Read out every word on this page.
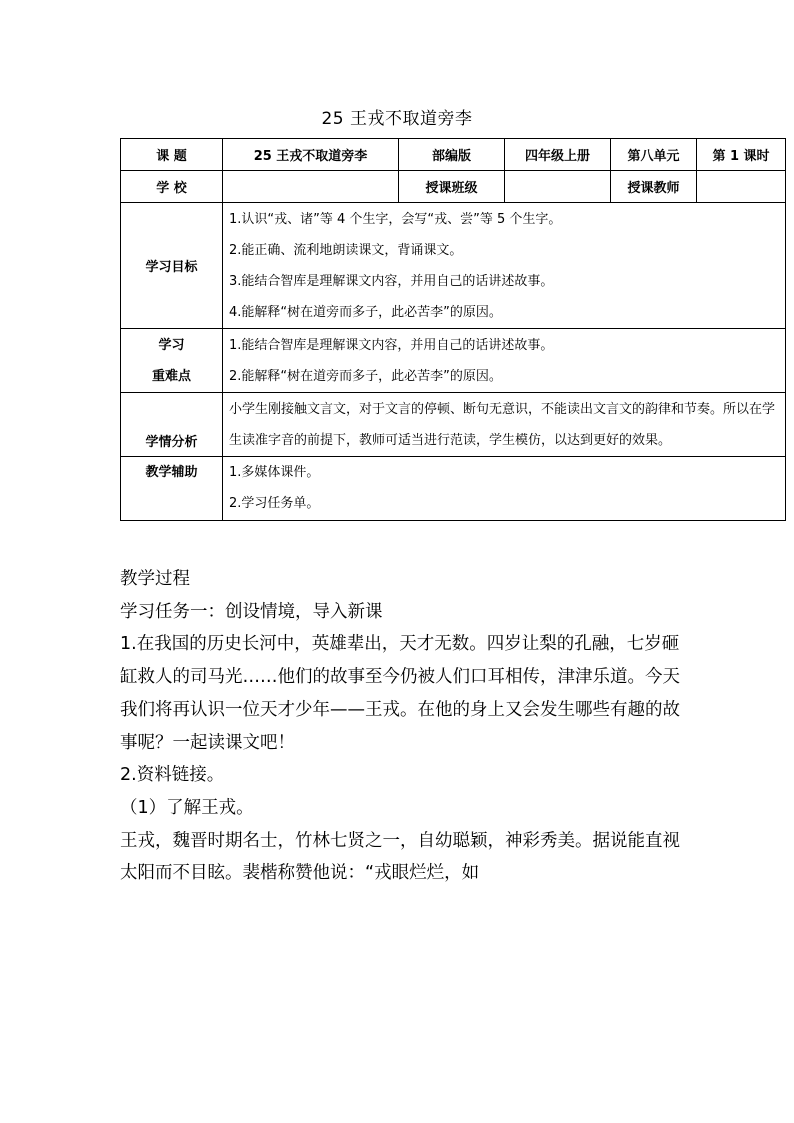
25 王戎不取道旁李
课 题	25 王戎不取道旁李	部编版	四年级上册	第八单元	第 1 课时
学 校		授课班级		授课教师	
学习目标	1.认识“戎、诸”等 4 个生字，会写“戎、尝”等 5 个生字。
2.能正确、流利地朗读课文，背诵课文。
3.能结合智库是理解课文内容，并用自己的话讲述故事。
4.能解释“树在道旁而多子，此必苦李”的原因。				

学习
重难点	1.能结合智库是理解课文内容，并用自己的话讲述故事。
2.能解释“树在道旁而多子，此必苦李”的原因。				

学情分析	小学生刚接触文言文，对于文言的停顿、断句无意识，不能读出文言文的韵律和节奏。所以在学生读准字音的前提下，教师可适当进行范读，学生模仿，以达到更好的效果。				

教学辅助	1.多媒体课件。
2.学习任务单。				

教学过程

学习任务一：创设情境，导入新课

1.在我国的历史长河中，英雄辈出，天才无数。四岁让梨的孔融，七岁砸缸救人的司马光……他们的故事至今仍被人们口耳相传，津津乐道。今天我们将再认识一位天才少年——王戎。在他的身上又会发生哪些有趣的故事呢？一起读课文吧！

2.资料链接。

（1）了解王戎。

王戎，魏晋时期名士，竹林七贤之一，自幼聪颖，神彩秀美。据说能直视太阳而不目眩。裴楷称赞他说：“戎眼烂烂，如
